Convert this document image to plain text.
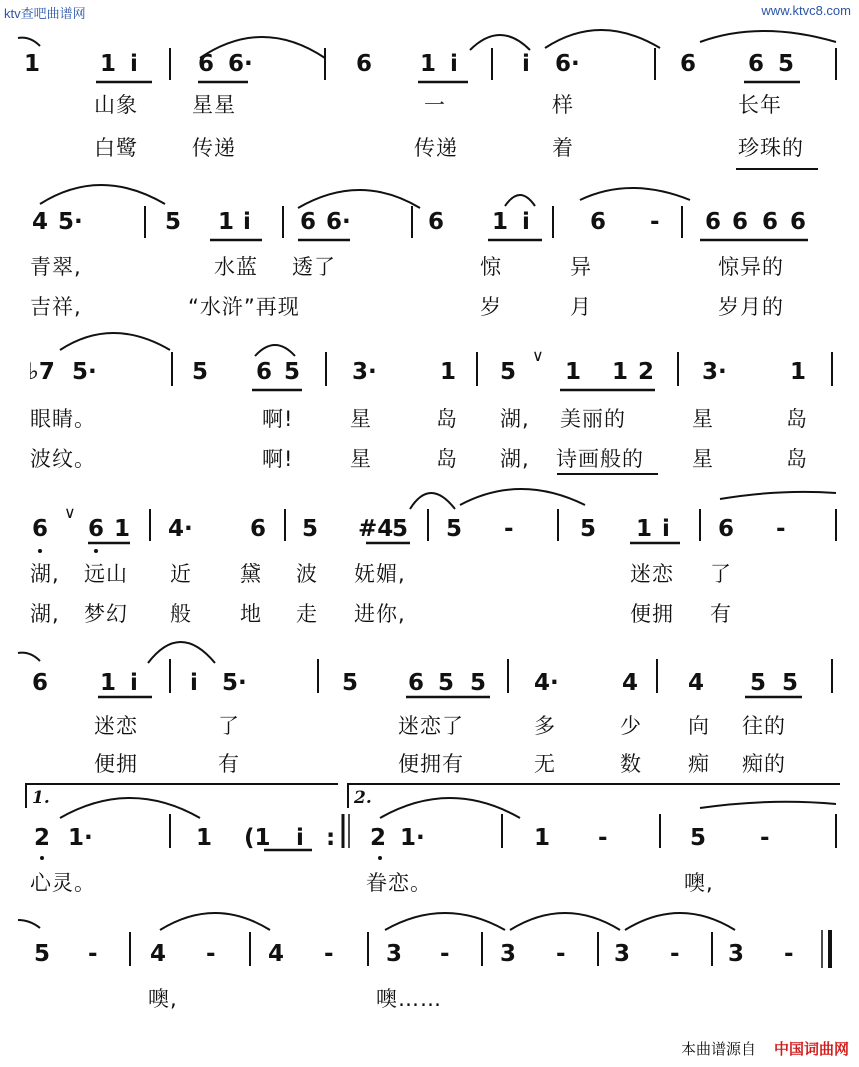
ktv查吧曲谱网	www.ktvc8.com
1	1 i	6 6·	6 1 i	i 6·	6 6 5
山象	星星	一	样	长年
白鹭	传递	传递	着	珍珠的
4 5·	5 1 i 6 6·	6 1 i	6 - 6 6 6 6
青翠,	水蓝 透了	惊	异	惊异的
吉祥,	“水浒”再现	岁	月	岁月的
∨
♭7 5·	5 6 5 3·	1 5 1 1 2 3·	1
眼睛。	啊!	星	岛 湖, 美丽的	星	岛
波纹。	啊!	星	岛 湖, 诗画般的 星	岛
∨
6 6 1 4· 6 5 #4
5 5 -	5 1 i 6 -
湖, 远山 近 黛 波 妩媚,	迷恋 了
湖, 梦幻 般 地 走 进你,	便拥 有
6 1 i i 5·	5 6 5 5 4·	4 4 5 5
迷恋	了	迷恋了	多	少 向 往的
便拥	有	便拥有	无	数 痴 痴的
1.	2.
2 1·	1 (1 i : 2 1·	1 -	5 -
心灵。	眷恋。	噢,
5 - 4 - 4 - 3 - 3 - 3 - 3 -
噢,	噢……
本曲谱源自 中国词曲网
